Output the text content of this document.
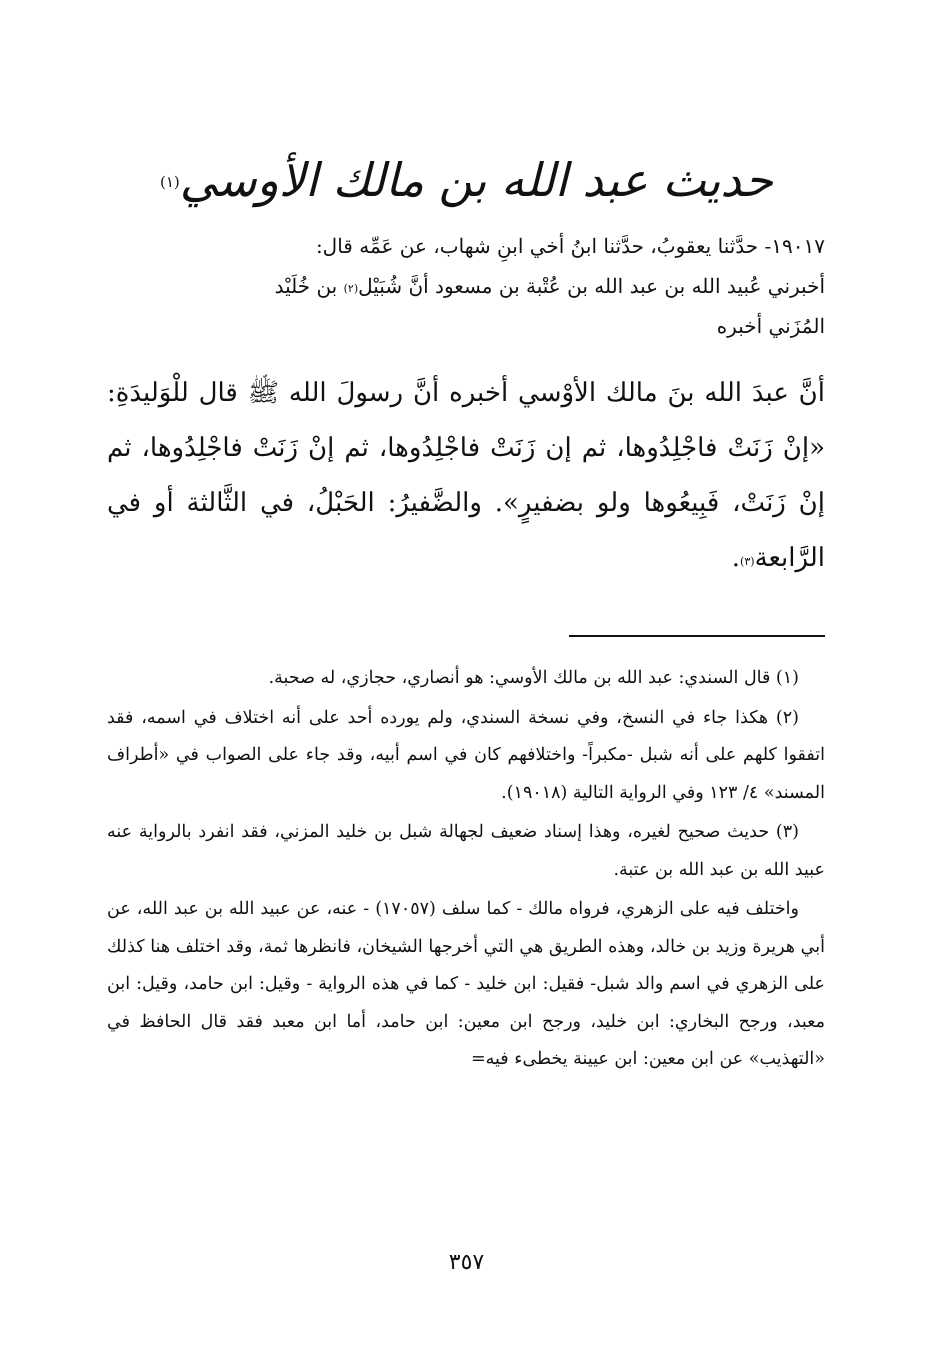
حديث عبد الله بن مالك الأوسي$^{(١)}$
١٩٠١٧- حدَّثنا يعقوبُ، حدَّثنا ابنُ أخي ابنِ شهاب، عن عَمِّه قال:
أخبرني عُبيد الله بن عبد الله بن عُتْبة بن مسعود أنَّ شُبَيْل$^{(٢)}$ بن خُلَيْد
المُزَني أخبره
أنَّ عبدَ الله بنَ مالك الأوْسي أخبره أنَّ رسولَ الله ﷺ قال للْوَليدَةِ: «إنْ زَنَتْ فاجْلِدُوها، ثم إن زَنَتْ فاجْلِدُوها، ثم إنْ زَنَتْ فاجْلِدُوها، ثم إنْ زَنَتْ، فَبِيعُوها ولو بضفيرٍ». والضَّفيرُ: الحَبْلُ، في الثَّالثة أو في الرَّابعة$^{(٣)}$.

(١) قال السندي: عبد الله بن مالك الأوسي: هو أنصاري، حجازي، له صحبة.

(٢) هكذا جاء في النسخ، وفي نسخة السندي، ولم يورده أحد على أنه اختلاف في اسمه، فقد اتفقوا كلهم على أنه شبل -مكبراً- واختلافهم كان في اسم أبيه، وقد جاء على الصواب في «أطراف المسند» ٤/ ١٢٣ وفي الرواية التالية (١٩٠١٨).

(٣) حديث صحيح لغيره، وهذا إسناد ضعيف لجهالة شبل بن خليد المزني، فقد انفرد بالرواية عنه عبيد الله بن عبد الله بن عتبة.

واختلف فيه على الزهري، فرواه مالك - كما سلف (١٧٠٥٧) - عنه، عن عبيد الله بن عبد الله، عن أبي هريرة وزيد بن خالد، وهذه الطريق هي التي أخرجها الشيخان، فانظرها ثمة، وقد اختلف هنا كذلك على الزهري في اسم والد شبل- فقيل: ابن خليد - كما في هذه الرواية - وقيل: ابن حامد، وقيل: ابن معبد، ورجح البخاري: ابن خليد، ورجح ابن معين: ابن حامد، أما ابن معبد فقد قال الحافظ في «التهذيب» عن ابن معين: ابن عيينة يخطىء فيه=

٣٥٧
